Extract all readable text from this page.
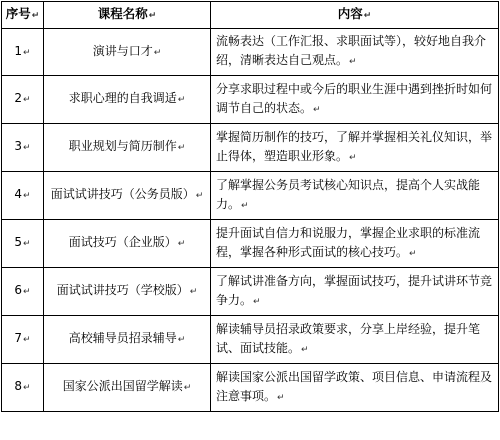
序号 ↵	课程名称 ↵	内容 ↵
1 ↵	演讲与口才 ↵	流畅表达（工作汇报、求职面试等），较好地自我介绍，清晰表达自己观点。 ↵
2 ↵	求职心理的自我调适 ↵	分享求职过程中或今后的职业生涯中遇到挫折时如何调节自己的状态。 ↵
3 ↵	职业规划与简历制作 ↵	掌握简历制作的技巧，了解并掌握相关礼仪知识，举止得体，塑造职业形象。 ↵
4 ↵	面试试讲技巧（公务员版） ↵	了解掌握公务员考试核心知识点，提高个人实战能力。 ↵
5 ↵	面试技巧（企业版） ↵	提升面试自信力和说服力，掌握企业求职的标准流程，掌握各种形式面试的核心技巧。 ↵
6 ↵	面试试讲技巧（学校版） ↵	了解试讲准备方向，掌握面试技巧，提升试讲环节竞争力。 ↵
7 ↵	高校辅导员招录辅导 ↵	解读辅导员招录政策要求，分享上岸经验，提升笔试、面试技能。 ↵
8 ↵	国家公派出国留学解读 ↵	解读国家公派出国留学政策、项目信息、申请流程及注意事项。 ↵
